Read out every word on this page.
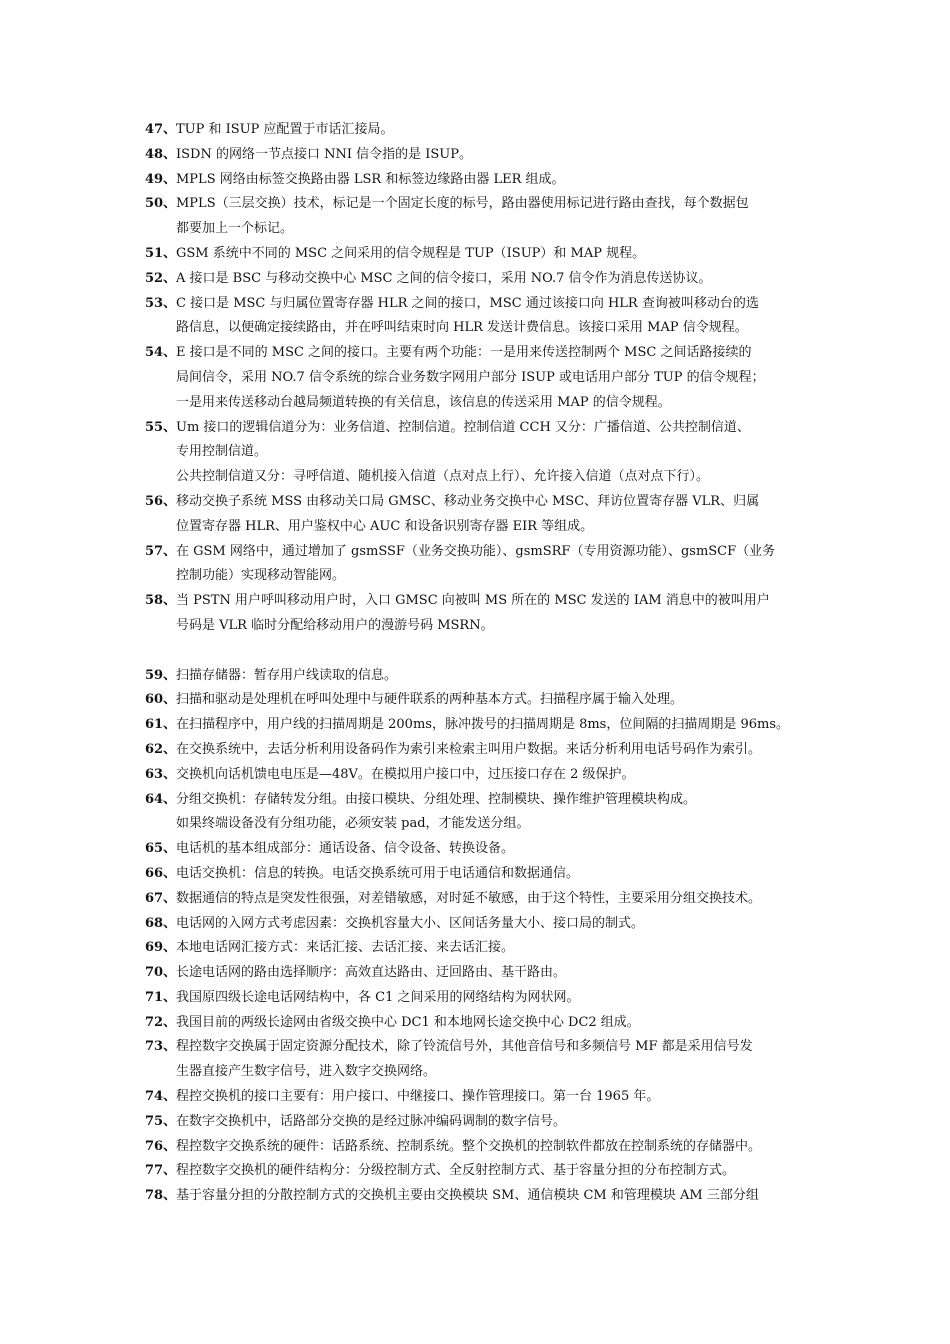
47、 TUP 和 ISUP 应配置于市话汇接局。
48、 ISDN 的网络一节点接口 NNI 信令指的是 ISUP。
49、 MPLS 网络由标签交换路由器 LSR 和标签边缘路由器 LER 组成。
50、 MPLS（三层交换）技术，标记是一个固定长度的标号，路由器使用标记进行路由查找，每个数据包
都要加上一个标记。
51、 GSM 系统中不同的 MSC 之间采用的信令规程是 TUP（ISUP）和 MAP 规程。
52、 A 接口是 BSC 与移动交换中心 MSC 之间的信令接口，采用 NO.7 信令作为消息传送协议。
53、 C 接口是 MSC 与归属位置寄存器 HLR 之间的接口，MSC 通过该接口向 HLR 查询被叫移动台的选
路信息，以便确定接续路由，并在呼叫结束时向 HLR 发送计费信息。该接口采用 MAP 信令规程。
54、 E 接口是不同的 MSC 之间的接口。主要有两个功能：一是用来传送控制两个 MSC 之间话路接续的
局间信令，采用 NO.7 信令系统的综合业务数字网用户部分 ISUP 或电话用户部分 TUP 的信令规程；
一是用来传送移动台越局频道转换的有关信息，该信息的传送采用 MAP 的信令规程。
55、 Um 接口的逻辑信道分为：业务信道、控制信道。控制信道 CCH 又分：广播信道、公共控制信道、
专用控制信道。
公共控制信道又分：寻呼信道、随机接入信道（点对点上行）、允许接入信道（点对点下行）。
56、 移动交换子系统 MSS 由移动关口局 GMSC、移动业务交换中心 MSC、拜访位置寄存器 VLR、归属
位置寄存器 HLR、用户鉴权中心 AUC 和设备识别寄存器 EIR 等组成。
57、 在 GSM 网络中，通过增加了 gsmSSF（业务交换功能）、gsmSRF（专用资源功能）、gsmSCF（业务
控制功能）实现移动智能网。
58、 当 PSTN 用户呼叫移动用户时，入口 GMSC 向被叫 MS 所在的 MSC 发送的 IAM 消息中的被叫用户
号码是 VLR 临时分配给移动用户的漫游号码 MSRN。
59、 扫描存储器：暂存用户线读取的信息。
60、 扫描和驱动是处理机在呼叫处理中与硬件联系的两种基本方式。扫描程序属于输入处理。
61、 在扫描程序中，用户线的扫描周期是 200ms，脉冲拨号的扫描周期是 8ms，位间隔的扫描周期是 96ms。
62、 在交换系统中，去话分析利用设备码作为索引来检索主叫用户数据。来话分析利用电话号码作为索引。
63、 交换机向话机馈电电压是—48V。在模拟用户接口中，过压接口存在 2 级保护。
64、 分组交换机：存储转发分组。由接口模块、分组处理、控制模块、操作维护管理模块构成。
如果终端设备没有分组功能，必须安装 pad，才能发送分组。
65、 电话机的基本组成部分：通话设备、信令设备、转换设备。
66、 电话交换机：信息的转换。电话交换系统可用于电话通信和数据通信。
67、 数据通信的特点是突发性很强，对差错敏感，对时延不敏感，由于这个特性，主要采用分组交换技术。
68、 电话网的入网方式考虑因素：交换机容量大小、区间话务量大小、接口局的制式。
69、 本地电话网汇接方式：来话汇接、去话汇接、来去话汇接。
70、 长途电话网的路由选择顺序：高效直达路由、迂回路由、基干路由。
71、 我国原四级长途电话网结构中，各 C1 之间采用的网络结构为网状网。
72、 我国目前的两级长途网由省级交换中心 DC1 和本地网长途交换中心 DC2 组成。
73、 程控数字交换属于固定资源分配技术，除了铃流信号外，其他音信号和多频信号 MF 都是采用信号发
生器直接产生数字信号，进入数字交换网络。
74、 程控交换机的接口主要有：用户接口、中继接口、操作管理接口。第一台 1965 年。
75、 在数字交换机中，话路部分交换的是经过脉冲编码调制的数字信号。
76、 程控数字交换系统的硬件：话路系统、控制系统。整个交换机的控制软件都放在控制系统的存储器中。
77、 程控数字交换机的硬件结构分：分级控制方式、全反射控制方式、基于容量分担的分布控制方式。
78、 基于容量分担的分散控制方式的交换机主要由交换模块 SM、通信模块 CM 和管理模块 AM 三部分组
